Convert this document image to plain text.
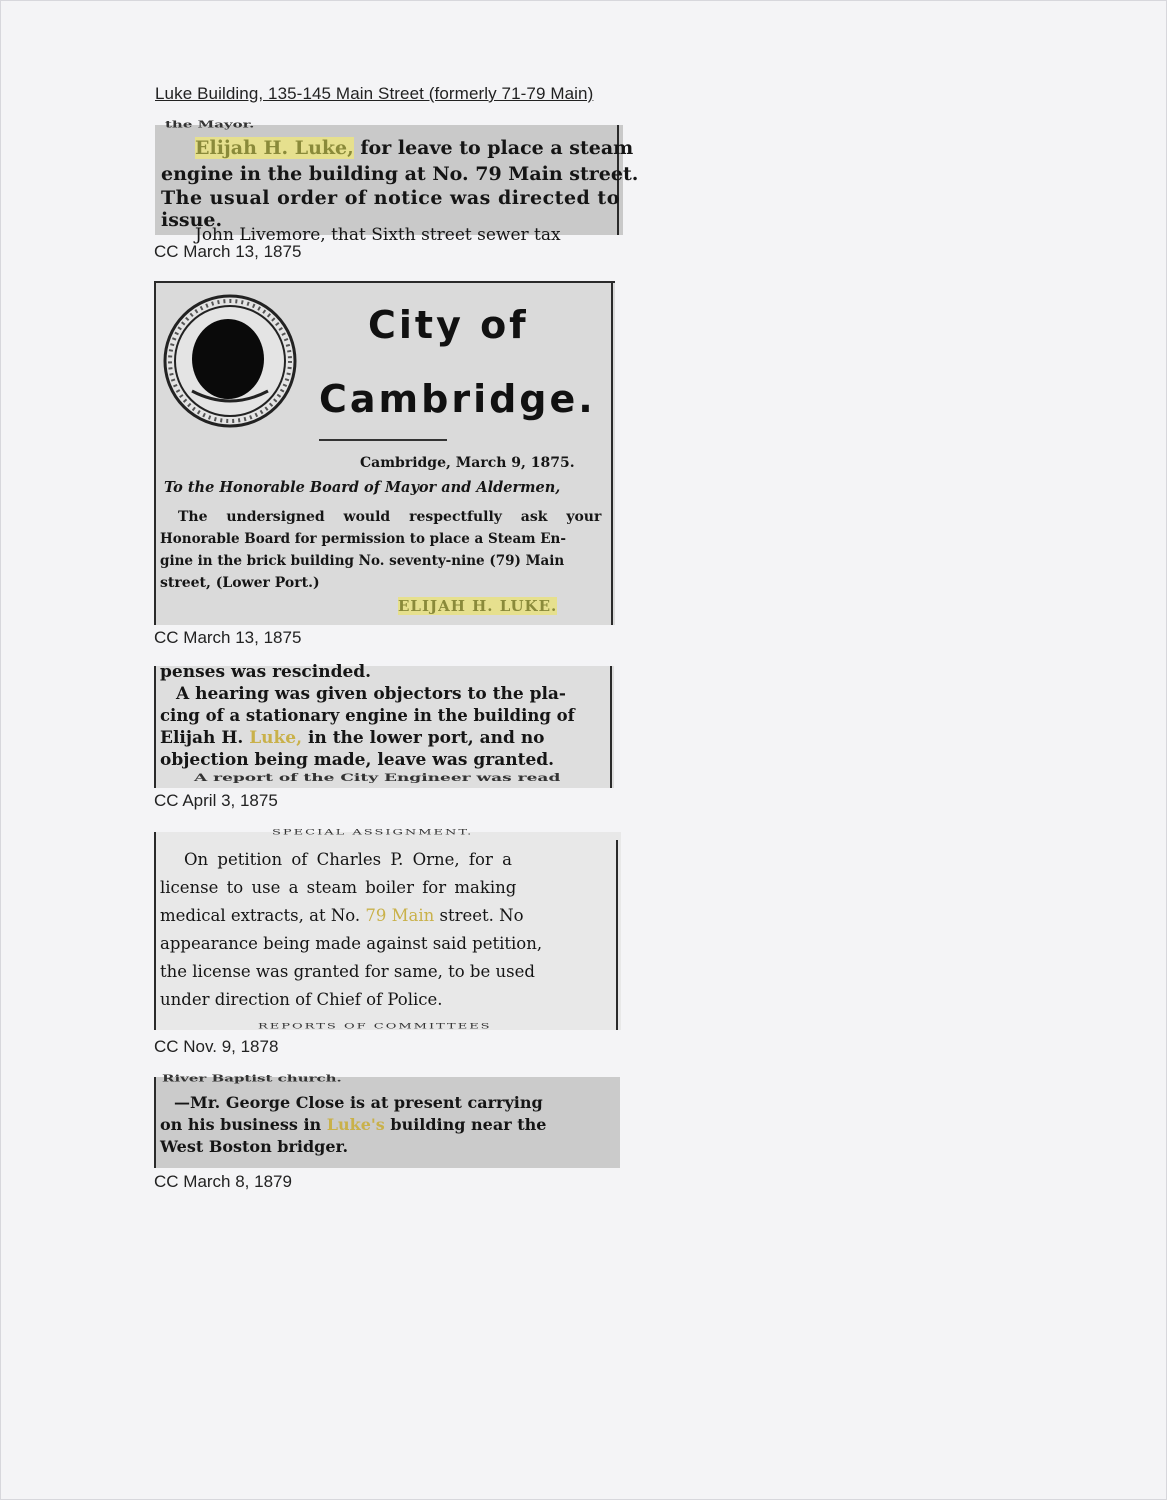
Luke Building, 135-145 Main Street (formerly 71-79 Main)
the Mayor.
Elijah H. Luke, for leave to place a steam
engine in the building at No. 79 Main street.
The usual order of notice was directed to
issue.
John Livemore, that Sixth street sewer tax
CC March 13, 1875
City of
Cambridge.
Cambridge, March 9, 1875.
To the Honorable Board of Mayor and Aldermen,
The undersigned would respectfully ask your
Honorable Board for permission to place a Steam En-
gine in the brick building No. seventy-nine (79) Main
street, (Lower Port.)
ELIJAH H. LUKE.
CC March 13, 1875
penses was rescinded.
A hearing was given objectors to the pla-
cing of a stationary engine in the building of
Elijah H. Luke, in the lower port, and no
objection being made, leave was granted.
A report of the City Engineer was read
CC April 3, 1875
SPECIAL ASSIGNMENT.
On petition of Charles P. Orne, for a
license to use a steam boiler for making
medical extracts, at No. 79 Main street. No
appearance being made against said petition,
the license was granted for same, to be used
under direction of Chief of Police.
REPORTS OF COMMITTEES
CC Nov. 9, 1878
River Baptist church.
—Mr. George Close is at present carrying
on his business in Luke's building near the
West Boston bridger.
CC March 8, 1879
